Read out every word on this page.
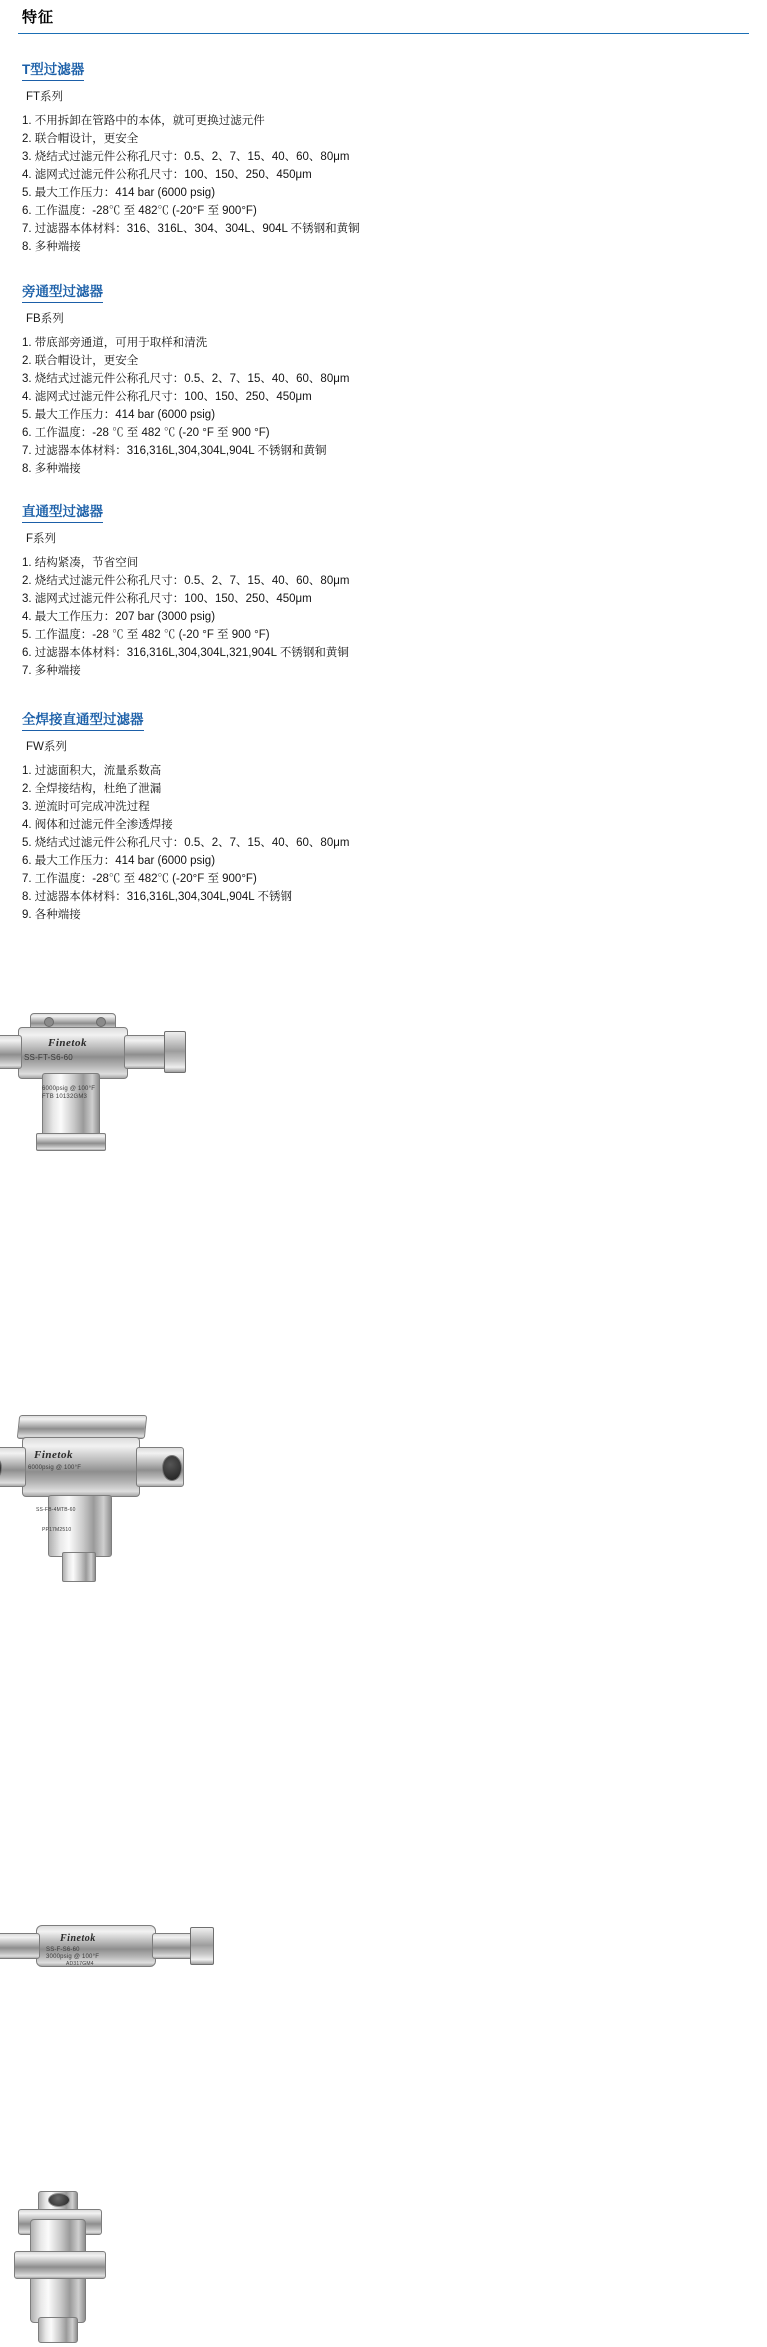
特征
T型过滤器
FT系列
1. 不用拆卸在管路中的本体，就可更换过滤元件
2. 联合帽设计，更安全
3. 烧结式过滤元件公称孔尺寸：0.5、2、7、15、40、60、80μm
4. 滤网式过滤元件公称孔尺寸：100、150、250、450μm
5. 最大工作压力：414 bar (6000 psig)
6. 工作温度：-28℃ 至 482℃ (-20°F 至 900°F)
7. 过滤器本体材料：316、316L、304、304L、904L 不锈钢和黄铜
8. 多种端接
旁通型过滤器
FB系列
1. 带底部旁通道，可用于取样和清洗
2. 联合帽设计，更安全
3. 烧结式过滤元件公称孔尺寸：0.5、2、7、15、40、60、80μm
4. 滤网式过滤元件公称孔尺寸：100、150、250、450μm
5. 最大工作压力：414 bar (6000 psig)
6. 工作温度：-28 ℃ 至 482 ℃ (-20 °F 至 900 °F)
7. 过滤器本体材料：316,316L,304,304L,904L 不锈钢和黄铜
8. 多种端接
直通型过滤器
F系列
1. 结构紧凑，节省空间
2. 烧结式过滤元件公称孔尺寸：0.5、2、7、15、40、60、80μm
3. 滤网式过滤元件公称孔尺寸：100、150、250、450μm
4. 最大工作压力：207 bar (3000 psig)
5. 工作温度：-28 ℃ 至 482 ℃ (-20 °F 至 900 °F)
6. 过滤器本体材料：316,316L,304,304L,321,904L 不锈钢和黄铜
7. 多种端接
全焊接直通型过滤器
FW系列
1. 过滤面积大，流量系数高
2. 全焊接结构，杜绝了泄漏
3. 逆流时可完成冲洗过程
4. 阀体和过滤元件全渗透焊接
5. 烧结式过滤元件公称孔尺寸：0.5、2、7、15、40、60、80μm
6. 最大工作压力：414 bar (6000 psig)
7. 工作温度：-28℃ 至 482℃ (-20°F 至 900°F)
8. 过滤器本体材料：316,316L,304,304L,904L 不锈钢
9. 各种端接
Finetok
SS-FT-S6-60
6000psig @ 100°F
FTB 10132GM3
Finetok
6000psig @ 100°F
SS-FB-4MTB-60
PP17M2510
Finetok
SS-F-S6-60
3000psig @ 100°F
AD317GM4
